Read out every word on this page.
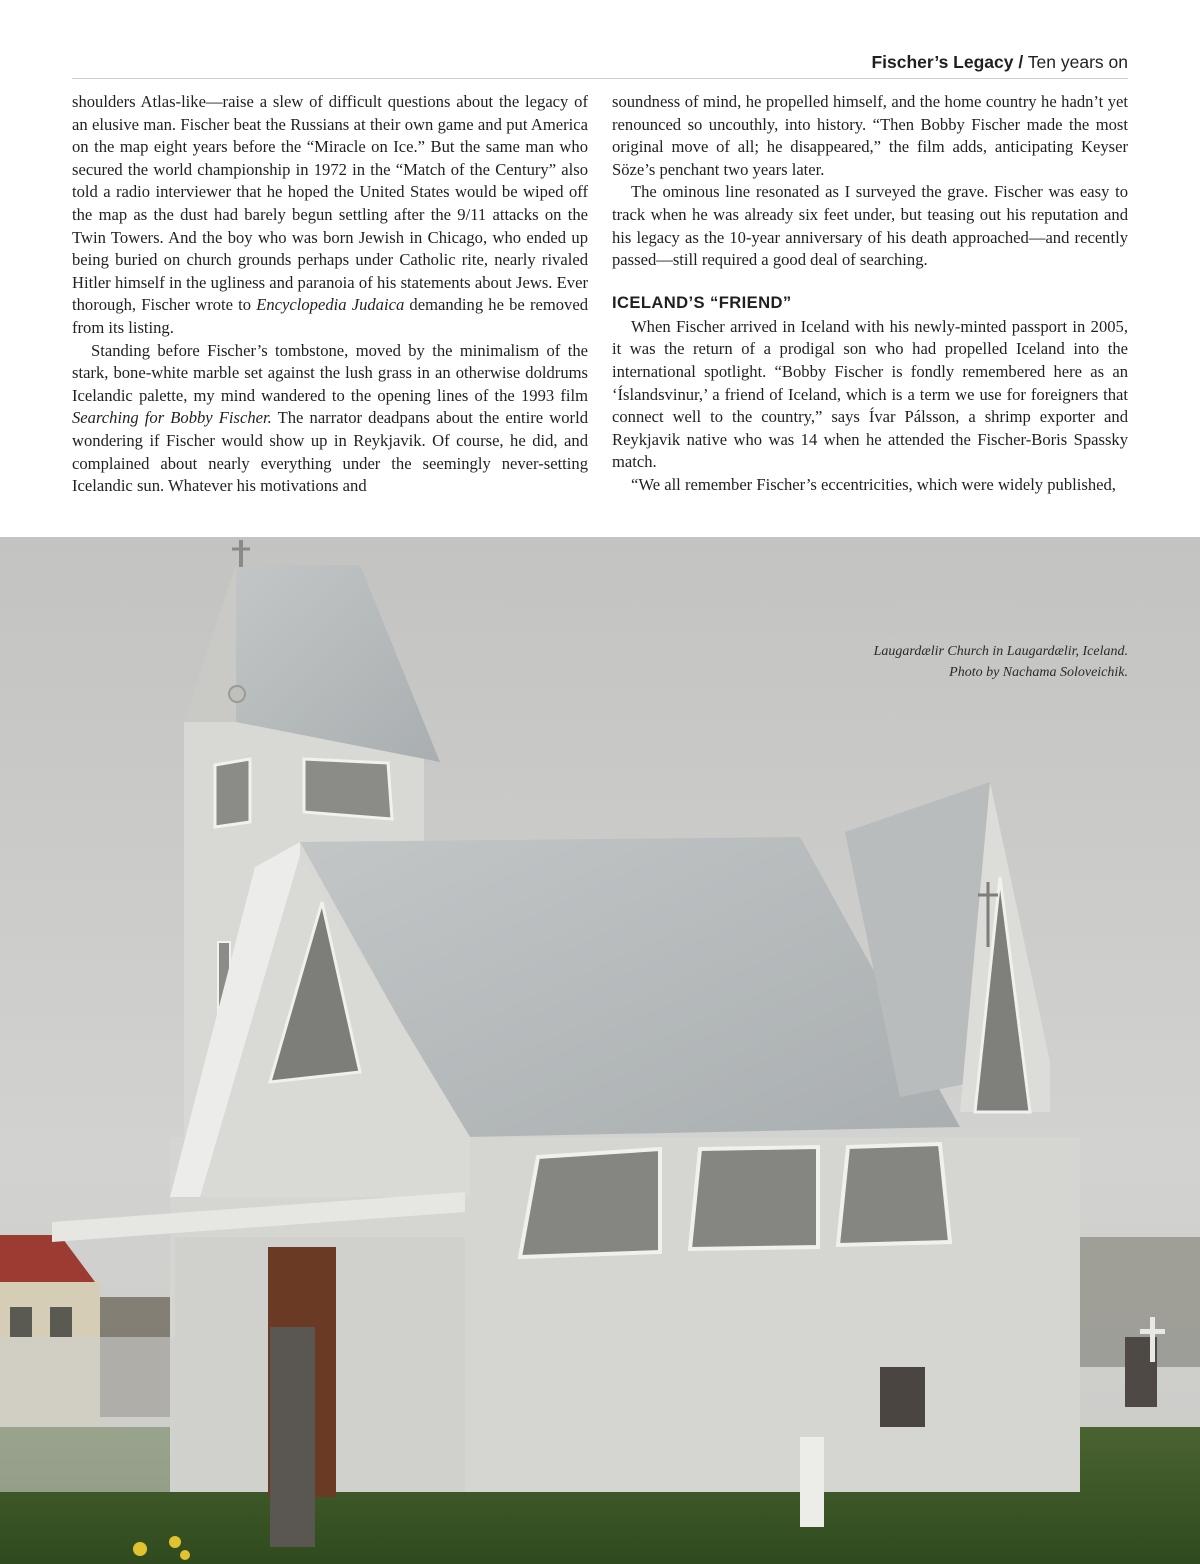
Fischer’s Legacy / Ten years on

shoulders Atlas-like—raise a slew of difficult questions about the legacy of an elusive man. Fischer beat the Russians at their own game and put America on the map eight years before the “Miracle on Ice.” But the same man who secured the world championship in 1972 in the “Match of the Century” also told a radio interviewer that he hoped the United States would be wiped off the map as the dust had barely begun settling after the 9/11 attacks on the Twin Towers. And the boy who was born Jewish in Chicago, who ended up being buried on church grounds perhaps under Catholic rite, nearly rivaled Hitler himself in the ugliness and paranoia of his statements about Jews. Ever thorough, Fischer wrote to Encyclopedia Judaica demanding he be removed from its listing.

Standing before Fischer’s tombstone, moved by the minimalism of the stark, bone-white marble set against the lush grass in an otherwise doldrums Icelandic palette, my mind wandered to the opening lines of the 1993 film Searching for Bobby Fischer. The narrator deadpans about the entire world wondering if Fischer would show up in Reykjavik. Of course, he did, and complained about nearly everything under the seemingly never-setting Icelandic sun. Whatever his motivations and

soundness of mind, he propelled himself, and the home country he hadn’t yet renounced so uncouthly, into history. “Then Bobby Fischer made the most original move of all; he disappeared,” the film adds, anticipating Keyser Söze’s penchant two years later.

The ominous line resonated as I surveyed the grave. Fischer was easy to track when he was already six feet under, but teasing out his reputation and his legacy as the 10-year anniversary of his death approached—and recently passed—still required a good deal of searching.

ICELAND’S “FRIEND”

When Fischer arrived in Iceland with his newly-minted passport in 2005, it was the return of a prodigal son who had propelled Iceland into the international spotlight. “Bobby Fischer is fondly remembered here as an ‘Íslandsvinur,’ a friend of Iceland, which is a term we use for foreigners that connect well to the country,” says Ívar Pálsson, a shrimp exporter and Reykjavik native who was 14 when he attended the Fischer-Boris Spassky match.

“We all remember Fischer’s eccentricities, which were widely published,

Laugardælir Church in Laugardælir, Iceland.
Photo by Nachama Soloveichik.
